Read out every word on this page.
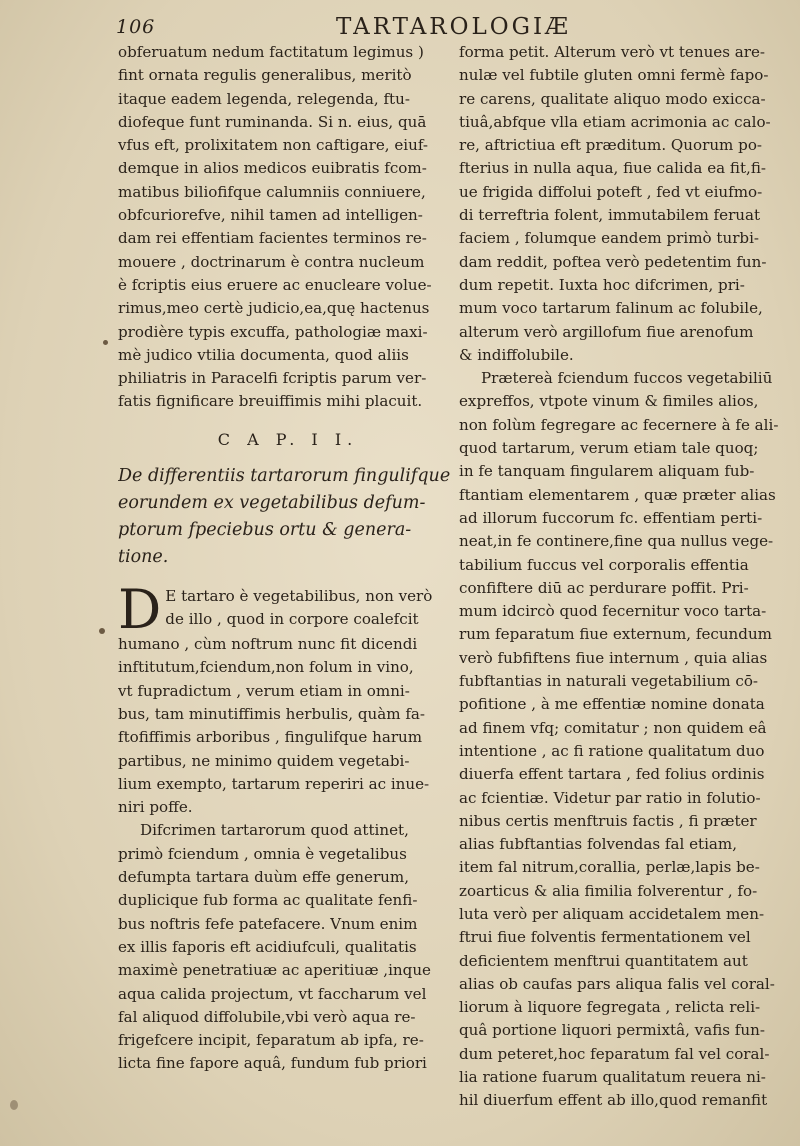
106	TARTAROLOGIÆ
obferuatum nedum factitatum legimus )
fint ornata regulis generalibus, meritò
itaque eadem legenda, relegenda, ftu-
diofeque funt ruminanda. Si n. eius, quā
vfus eft, prolixitatem non caftigare, eiuf-
demque in alios medicos euibratis fcom-
matibus biliofifque calumniis conniuere,
obfcuriorefve, nihil tamen ad intelligen-
dam rei effentiam facientes terminos re-
mouere , doctrinarum è contra nucleum
è fcriptis eius eruere ac enucleare volue-
rimus,meo certè judicio,ea,quę hactenus
prodière typis excuffa, pathologiæ maxi-
mè judico vtilia documenta, quod aliis
philiatris in Paracelfi fcriptis parum ver-
fatis fignificare breuiffimis mihi placuit.
C A P. I I.
De differentiis tartarorum fingulifque
eorundem ex vegetabilibus defum-
ptorum fpeciebus ortu & genera-
tione.
D E tartaro è vegetabilibus, non verò
de illo , quod in corpore coalefcit
humano , cùm noftrum nunc fit dicendi
inftitutum,fciendum,non folum in vino,
vt fupradictum , verum etiam in omni-
bus, tam minutiffimis herbulis, quàm fa-
ftofiffimis arboribus , fingulifque harum
partibus, ne minimo quidem vegetabi-
lium exempto, tartarum reperiri ac inue-
niri poffe.
Difcrimen tartarorum quod attinet,
primò fciendum , omnia è vegetalibus
defumpta tartara duùm effe generum,
duplicique fub forma ac qualitate fenfi-
bus noftris fefe patefacere. Vnum enim
ex illis faporis eft acidiufculi, qualitatis
maximè penetratiuæ ac aperitiuæ ,inque
aqua calida projectum, vt faccharum vel
fal aliquod diffolubile,vbi verò aqua re-
frigefcere incipit, feparatum ab ipfa, re-
licta fine fapore aquâ, fundum fub priori
forma petit. Alterum verò vt tenues are-
nulæ vel fubtile gluten omni fermè fapo-
re carens, qualitate aliquo modo exicca-
tiuâ,abfque vlla etiam acrimonia ac calo-
re, aftrictiua eft præditum. Quorum po-
fterius in nulla aqua, fiue calida ea fit,fi-
ue frigida diffolui poteft , fed vt eiufmo-
di terreftria folent, immutabilem feruat
faciem , folumque eandem primò turbi-
dam reddit, poftea verò pedetentim fun-
dum repetit. Iuxta hoc difcrimen, pri-
mum voco tartarum falinum ac folubile,
alterum verò argillofum fiue arenofum
& indiffolubile.
Prætereà fciendum fuccos vegetabiliū
expreffos, vtpote vinum & fimiles alios,
non folùm fegregare ac fecernere à fe ali-
quod tartarum, verum etiam tale quoq;
in fe tanquam fingularem aliquam fub-
ftantiam elementarem , quæ præter alias
ad illorum fuccorum fc. effentiam perti-
neat,in fe continere,fine qua nullus vege-
tabilium fuccus vel corporalis effentia
confiftere diū ac perdurare poffit. Pri-
mum idcircò quod fecernitur voco tarta-
rum feparatum fiue externum, fecundum
verò fubfiftens fiue internum , quia alias
fubftantias in naturali vegetabilium cō-
pofitione , à me effentiæ nomine donata
ad finem vfq; comitatur ; non quidem eâ
intentione , ac fi ratione qualitatum duo
diuerfa effent tartara , fed folius ordinis
ac fcientiæ. Videtur par ratio in folutio-
nibus certis menftruis factis , fi præter
alias fubftantias folvendas fal etiam,
item fal nitrum,corallia, perlæ,lapis be-
zoarticus & alia fimilia folverentur , fo-
luta verò per aliquam accidetalem men-
ftrui fiue folventis fermentationem vel
deficientem menftrui quantitatem aut
alias ob caufas pars aliqua falis vel coral-
liorum à liquore fegregata , relicta reli-
quâ portione liquori permixtâ, vafis fun-
dum peteret,hoc feparatum fal vel coral-
lia ratione fuarum qualitatum reuera ni-
hil diuerfum effent ab illo,quod remanfit
